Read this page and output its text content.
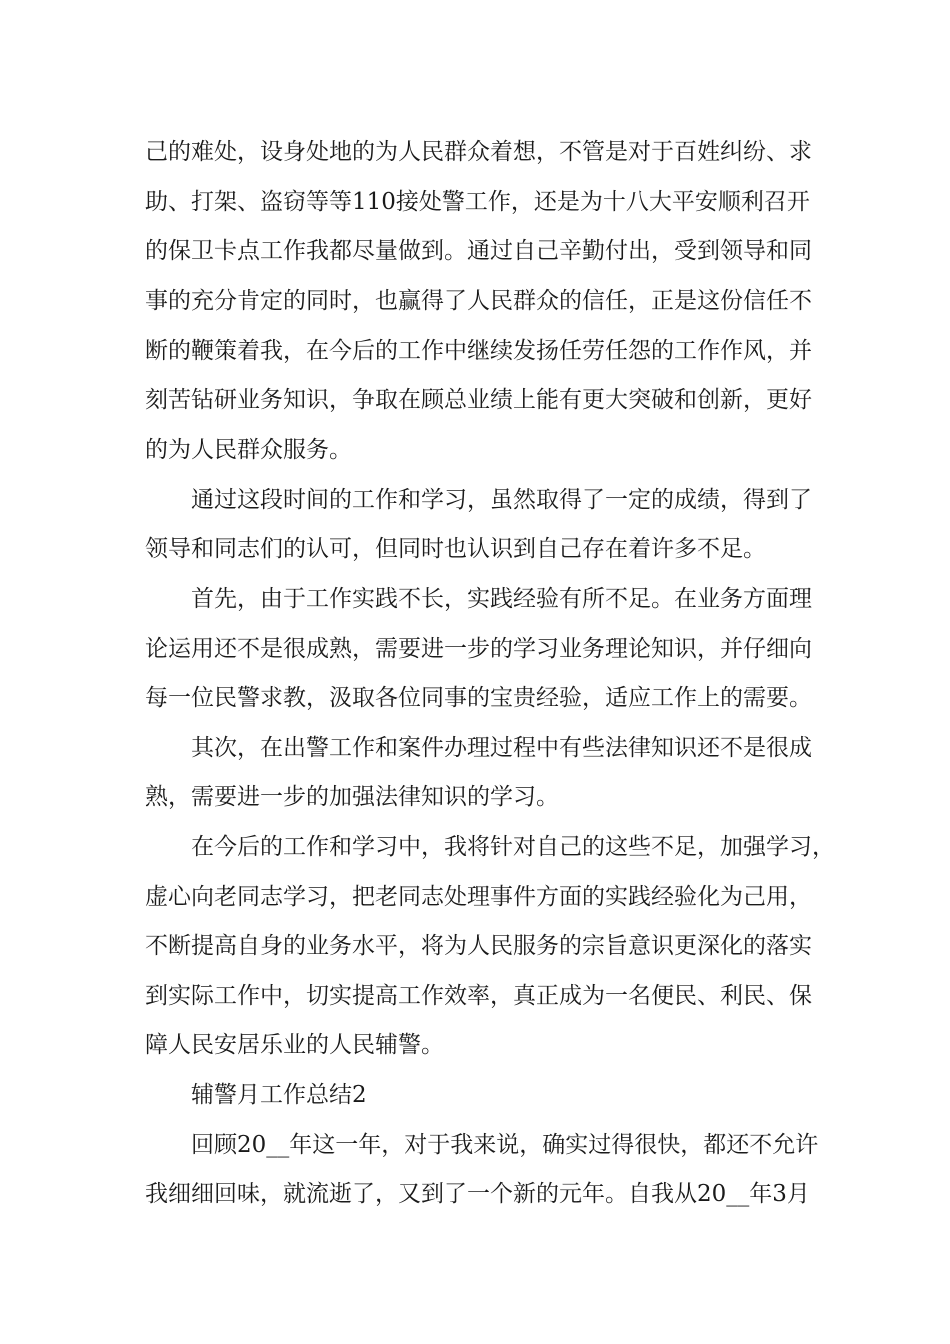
己的难处，设身处地的为人民群众着想，不管是对于百姓纠纷、求
助、打架、盗窃等等110接处警工作，还是为十八大平安顺利召开
的保卫卡点工作我都尽量做到。通过自己辛勤付出，受到领导和同
事的充分肯定的同时，也赢得了人民群众的信任，正是这份信任不
断的鞭策着我，在今后的工作中继续发扬任劳任怨的工作作风，并
刻苦钻研业务知识，争取在顾总业绩上能有更大突破和创新，更好
的为人民群众服务。
通过这段时间的工作和学习，虽然取得了一定的成绩，得到了
领导和同志们的认可，但同时也认识到自己存在着许多不足。
首先，由于工作实践不长，实践经验有所不足。在业务方面理
论运用还不是很成熟，需要进一步的学习业务理论知识，并仔细向
每一位民警求教，汲取各位同事的宝贵经验，适应工作上的需要。
其次，在出警工作和案件办理过程中有些法律知识还不是很成
熟，需要进一步的加强法律知识的学习。
在今后的工作和学习中，我将针对自己的这些不足，加强学习，
虚心向老同志学习，把老同志处理事件方面的实践经验化为己用，
不断提高自身的业务水平，将为人民服务的宗旨意识更深化的落实
到实际工作中，切实提高工作效率，真正成为一名便民、利民、保
障人民安居乐业的人民辅警。
辅警月工作总结2
回顾20__年这一年，对于我来说，确实过得很快，都还不允许
我细细回味，就流逝了，又到了一个新的元年。自我从20__年3月
